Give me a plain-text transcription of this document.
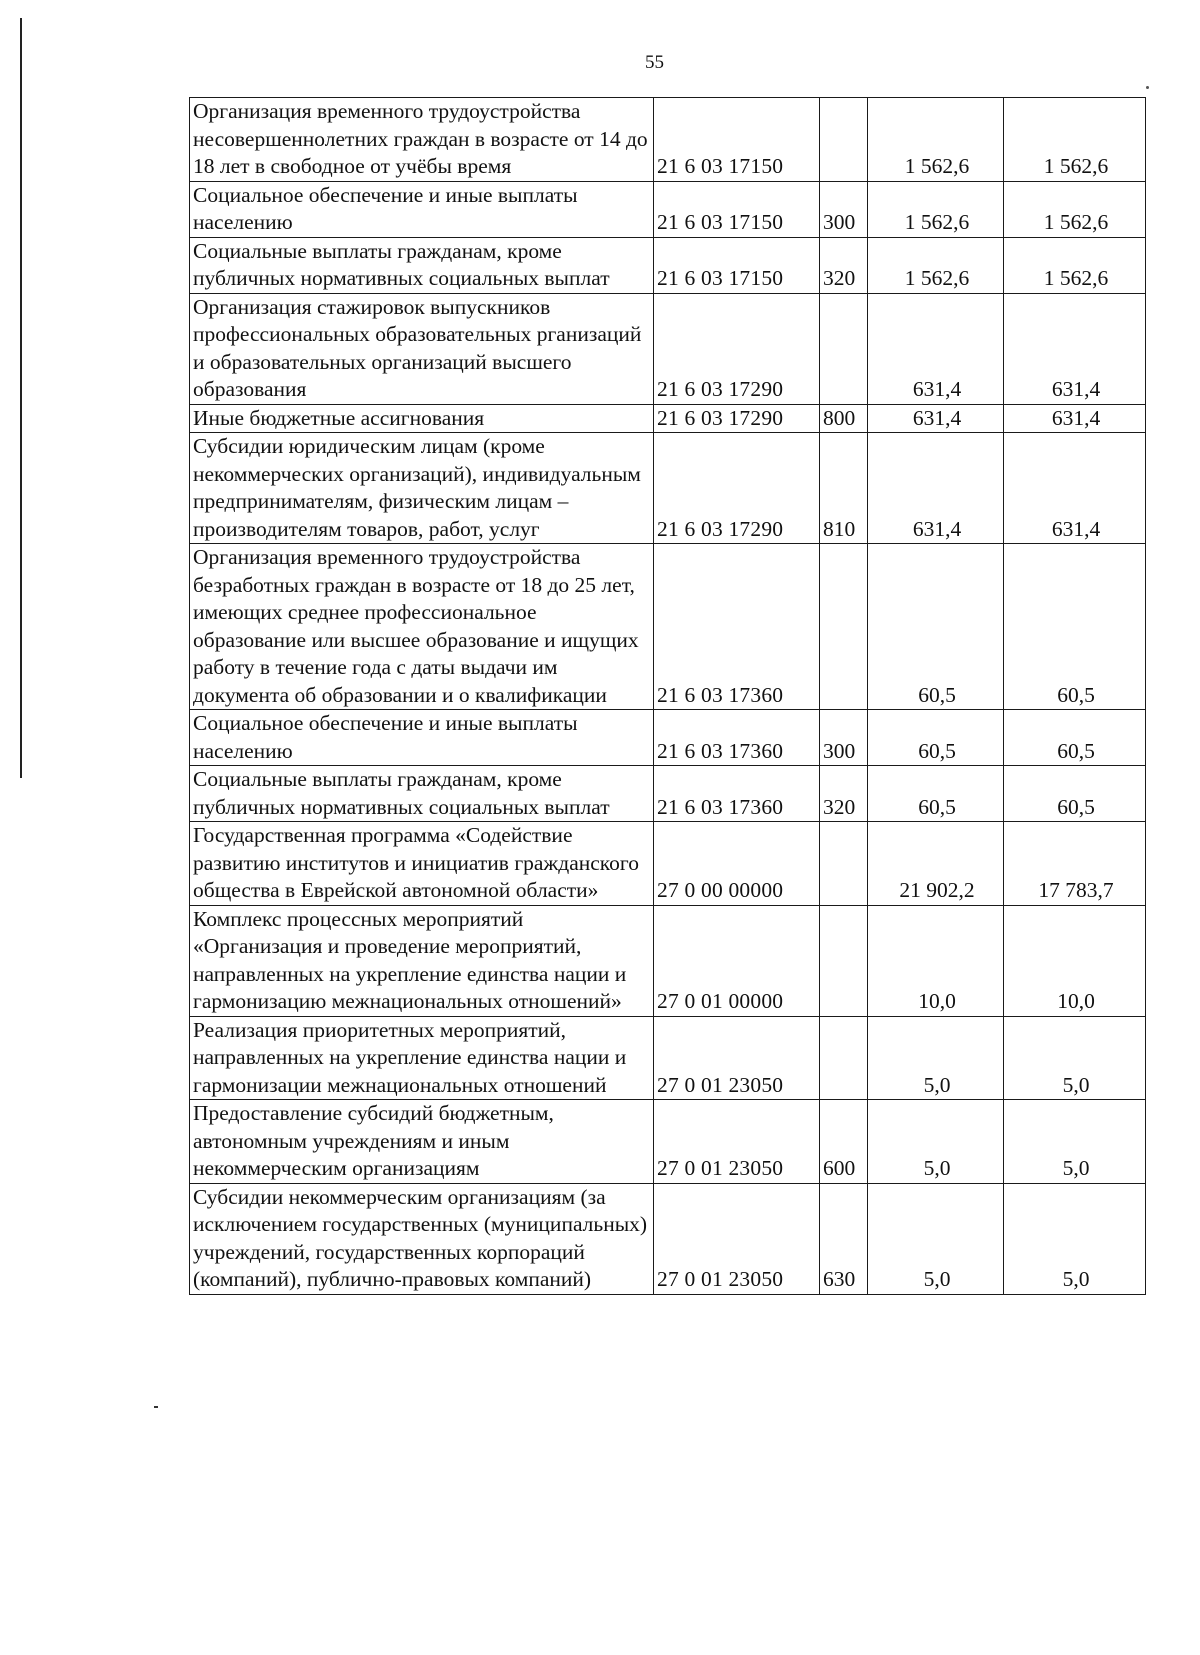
55
Организация временного трудоустройства несовершеннолетних граждан в возрасте от 14 до 18 лет в свободное от учёбы время	21 6 03 17150		1 562,6	1 562,6
Социальное обеспечение и иные выплаты населению	21 6 03 17150	300	1 562,6	1 562,6
Социальные выплаты гражданам, кроме публичных нормативных социальных выплат	21 6 03 17150	320	1 562,6	1 562,6
Организация стажировок выпускников профессиональных образовательных рганизаций и образовательных организаций высшего образования	21 6 03 17290		631,4	631,4
Иные бюджетные ассигнования	21 6 03 17290	800	631,4	631,4
Субсидии юридическим лицам (кроме некоммерческих организаций), индивидуальным предпринимателям, физическим лицам – производителям товаров, работ, услуг	21 6 03 17290	810	631,4	631,4
Организация временного трудоустройства безработных граждан в возрасте от 18 до 25 лет, имеющих среднее профессиональное образование или высшее образование и ищущих работу в течение года с даты выдачи им документа об образовании и о квалификации	21 6 03 17360		60,5	60,5
Социальное обеспечение и иные выплаты населению	21 6 03 17360	300	60,5	60,5
Социальные выплаты гражданам, кроме публичных нормативных социальных выплат	21 6 03 17360	320	60,5	60,5
Государственная программа «Содействие развитию институтов и инициатив гражданского общества в Еврейской автономной области»	27 0 00 00000		21 902,2	17 783,7
Комплекс процессных мероприятий «Организация и проведение мероприятий, направленных на укрепление единства нации и гармонизацию межнациональных отношений»	27 0 01 00000		10,0	10,0
Реализация приоритетных мероприятий, направленных на укрепление единства нации и гармонизации межнациональных отношений	27 0 01 23050		5,0	5,0
Предоставление субсидий бюджетным, автономным учреждениям и иным некоммерческим организациям	27 0 01 23050	600	5,0	5,0
Субсидии некоммерческим организациям (за исключением государственных (муниципальных) учреждений, государственных корпораций (компаний), публично-правовых компаний)	27 0 01 23050	630	5,0	5,0
